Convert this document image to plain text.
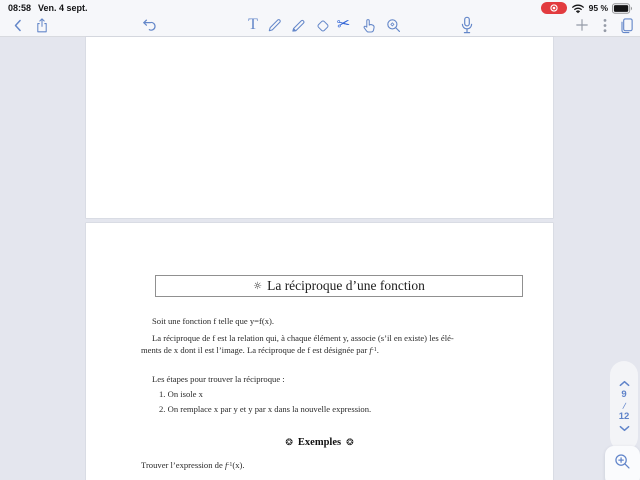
08:58 Ven. 4 sept.	95 %
T	✂
☼ La réciproque d’une fonction
Soit une fonction f telle que y=f(x).
La réciproque de f est la relation qui, à chaque élément y, associe (s’il en existe) les élé-
ments de x dont il est l’image. La réciproque de f est désignée par $f^{-1}$.
Les étapes pour trouver la réciproque :
1. On isole x
2. On remplace x par y et y par x dans la nouvelle expression.
❂ Exemples ❂
Trouver l’expression de $f^{-1}(x)$.
9
/
12
